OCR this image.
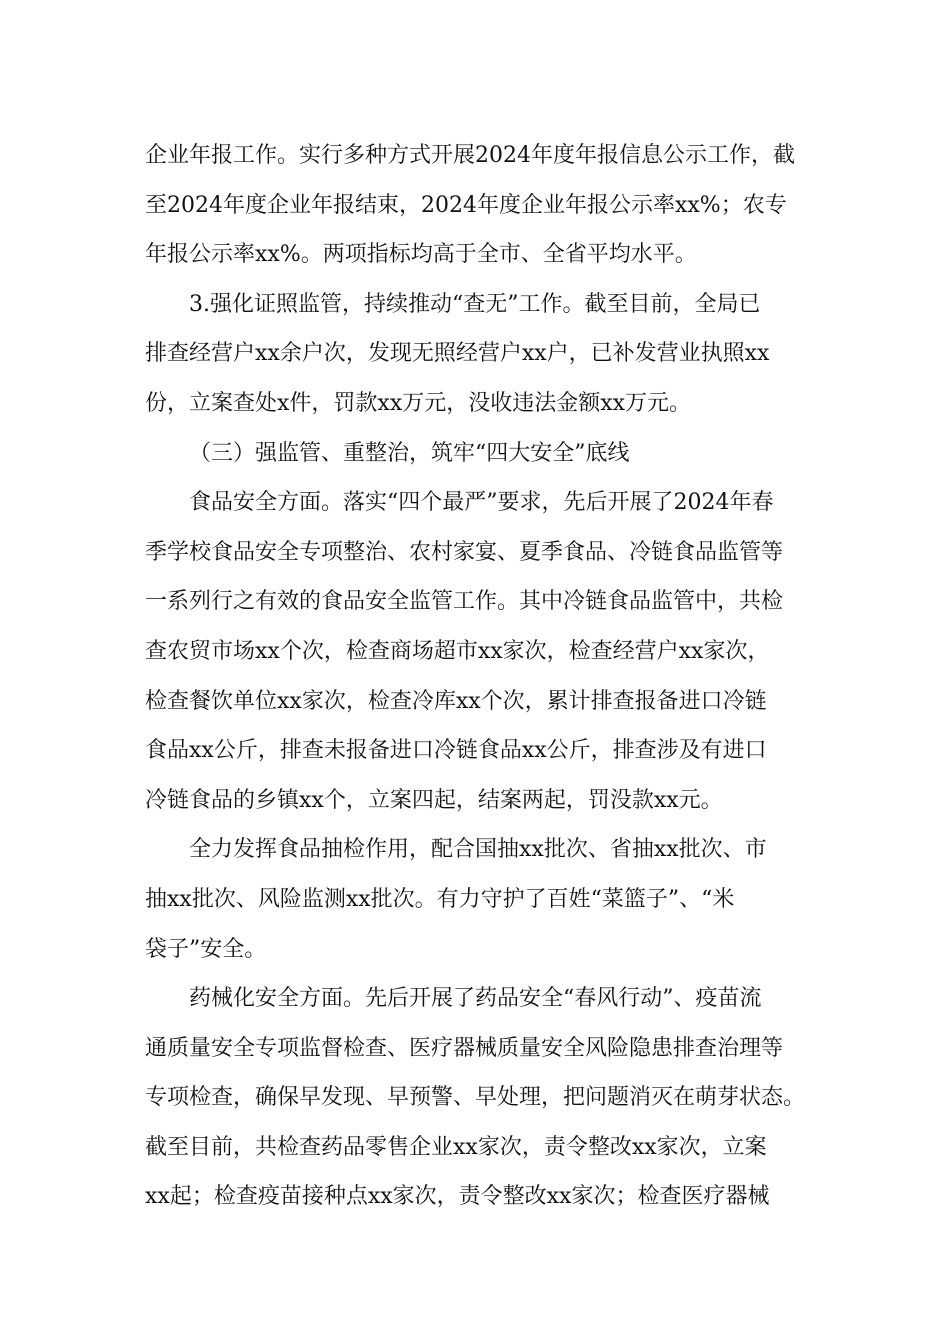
企业年报工作。实行多种方式开展2024年度年报信息公示工作，截
至2024年度企业年报结束，2024年度企业年报公示率xx%；农专
年报公示率xx%。两项指标均高于全市、全省平均水平。

3.强化证照监管，持续推动“查无”工作。截至目前，全局已
排查经营户xx余户次，发现无照经营户xx户，已补发营业执照xx
份，立案查处x件，罚款xx万元，没收违法金额xx万元。

（三）强监管、重整治，筑牢“四大安全”底线

食品安全方面。落实“四个最严”要求，先后开展了2024年春
季学校食品安全专项整治、农村家宴、夏季食品、冷链食品监管等
一系列行之有效的食品安全监管工作。其中冷链食品监管中，共检
查农贸市场xx个次，检查商场超市xx家次，检查经营户xx家次，
检查餐饮单位xx家次，检查冷库xx个次，累计排查报备进口冷链
食品xx公斤，排查未报备进口冷链食品xx公斤，排查涉及有进口
冷链食品的乡镇xx个，立案四起，结案两起，罚没款xx元。

全力发挥食品抽检作用，配合国抽xx批次、省抽xx批次、市
抽xx批次、风险监测xx批次。有力守护了百姓“菜篮子”、“米
袋子”安全。

药械化安全方面。先后开展了药品安全“春风行动”、疫苗流
通质量安全专项监督检查、医疗器械质量安全风险隐患排查治理等
专项检查，确保早发现、早预警、早处理，把问题消灭在萌芽状态。
截至目前，共检查药品零售企业xx家次，责令整改xx家次，立案
xx起；检查疫苗接种点xx家次，责令整改xx家次；检查医疗器械
